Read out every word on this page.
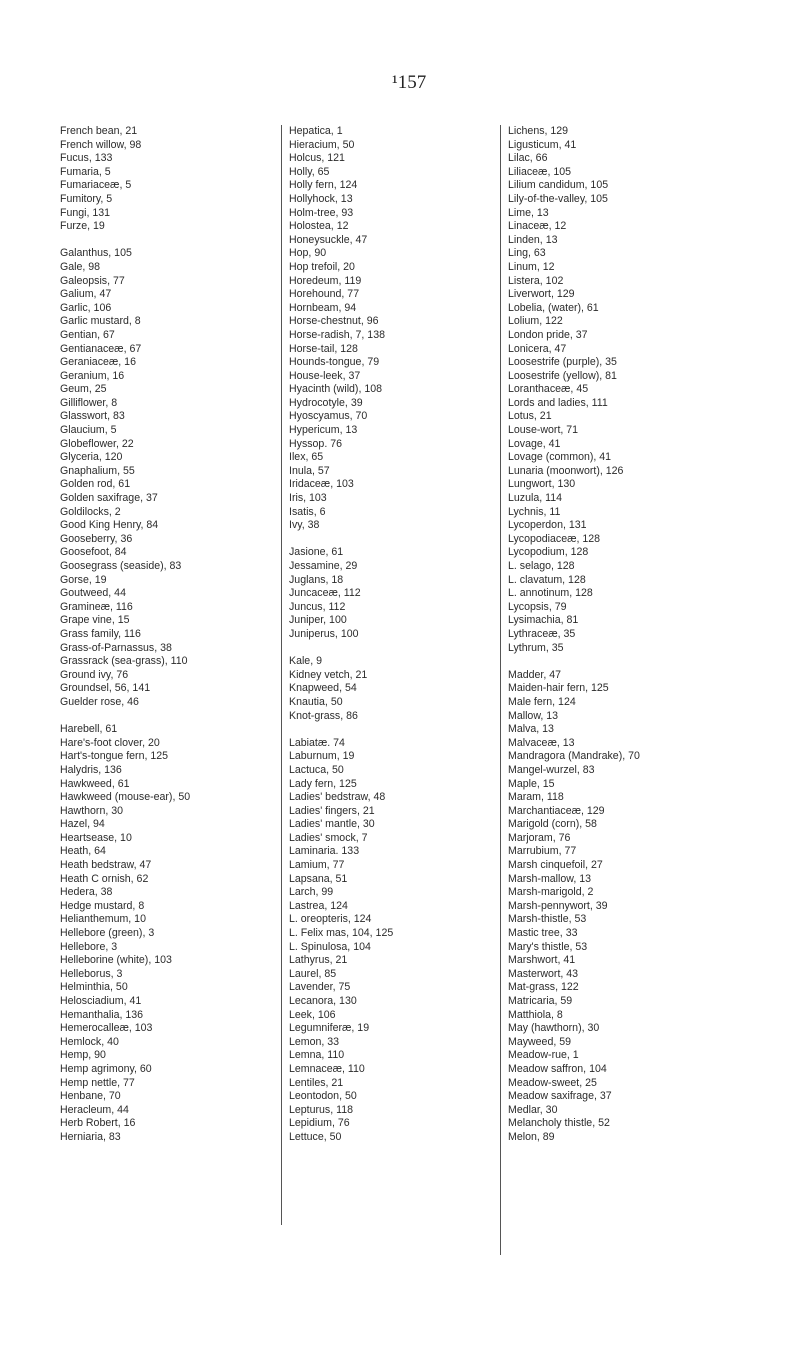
¹157
French bean, 21
French willow, 98
Fucus, 133
Fumaria, 5
Fumariaceæ, 5
Fumitory, 5
Fungi, 131
Furze, 19
Galanthus, 105
Gale, 98
Galeopsis, 77
Galium, 47
Garlic, 106
Garlic mustard, 8
Gentian, 67
Gentianaceæ, 67
Geraniaceæ, 16
Geranium, 16
Geum, 25
Gilliflower, 8
Glasswort, 83
Glaucium, 5
Globeflower, 22
Glyceria, 120
Gnaphalium, 55
Golden rod, 61
Golden saxifrage, 37
Goldilocks, 2
Good King Henry, 84
Gooseberry, 36
Goosefoot, 84
Goosegrass (seaside), 83
Gorse, 19
Goutweed, 44
Gramineæ, 116
Grape vine, 15
Grass family, 116
Grass-of-Parnassus, 38
Grassrack (sea-grass), 110
Ground ivy, 76
Groundsel, 56, 141
Guelder rose, 46
Harebell, 61
Hare's-foot clover, 20
Hart's-tongue fern, 125
Halydris, 136
Hawkweed, 61
Hawkweed (mouse-ear), 50
Hawthorn, 30
Hazel, 94
Heartsease, 10
Heath, 64
Heath bedstraw, 47
Heath C ornish, 62
Hedera, 38
Hedge mustard, 8
Helianthemum, 10
Hellebore (green), 3
Hellebore, 3
Helleborine (white), 103
Helleborus, 3
Helminthia, 50
Helosciadium, 41
Hemanthalia, 136
Hemerocalleæ, 103
Hemlock, 40
Hemp, 90
Hemp agrimony, 60
Hemp nettle, 77
Henbane, 70
Heracleum, 44
Herb Robert, 16
Herniaria, 83
Hepatica, 1
Hieracium, 50
Holcus, 121
Holly, 65
Holly fern, 124
Hollyhock, 13
Holm-tree, 93
Holostea, 12
Honeysuckle, 47
Hop, 90
Hop trefoil, 20
Horedeum, 119
Horehound, 77
Hornbeam, 94
Horse-chestnut, 96
Horse-radish, 7, 138
Horse-tail, 128
Hounds-tongue, 79
House-leek, 37
Hyacinth (wild), 108
Hydrocotyle, 39
Hyoscyamus, 70
Hypericum, 13
Hyssop. 76
Ilex, 65
Inula, 57
Iridaceæ, 103
Iris, 103
Isatis, 6
Ivy, 38
Jasione, 61
Jessamine, 29
Juglans, 18
Juncaceæ, 112
Juncus, 112
Juniper, 100
Juniperus, 100
Kale, 9
Kidney vetch, 21
Knapweed, 54
Knautia, 50
Knot-grass, 86
Labiatæ. 74
Laburnum, 19
Lactuca, 50
Lady fern, 125
Ladies' bedstraw, 48
Ladies' fingers, 21
Ladies' mantle, 30
Ladies' smock, 7
Laminaria. 133
Lamium, 77
Lapsana, 51
Larch, 99
Lastrea, 124
L. oreopteris, 124
L. Felix mas, 104, 125
L. Spinulosa, 104
Lathyrus, 21
Laurel, 85
Lavender, 75
Lecanora, 130
Leek, 106
Legumniferæ, 19
Lemon, 33
Lemna, 110
Lemnaceæ, 110
Lentiles, 21
Leontodon, 50
Lepturus, 118
Lepidium, 76
Lettuce, 50
Lichens, 129
Ligusticum, 41
Lilac, 66
Liliaceæ, 105
Lilium candidum, 105
Lily-of-the-valley, 105
Lime, 13
Linaceæ, 12
Linden, 13
Ling, 63
Linum, 12
Listera, 102
Liverwort, 129
Lobelia, (water), 61
Lolium, 122
London pride, 37
Lonicera, 47
Loosestrife (purple), 35
Loosestrife (yellow), 81
Loranthaceæ, 45
Lords and ladies, 111
Lotus, 21
Louse-wort, 71
Lovage, 41
Lovage (common), 41
Lunaria (moonwort), 126
Lungwort, 130
Luzula, 114
Lychnis, 11
Lycoperdon, 131
Lycopodiaceæ, 128
Lycopodium, 128
L. selago, 128
L. clavatum, 128
L. annotinum, 128
Lycopsis, 79
Lysimachia, 81
Lythraceæ, 35
Lythrum, 35
Madder, 47
Maiden-hair fern, 125
Male fern, 124
Mallow, 13
Malva, 13
Malvaceæ, 13
Mandragora (Mandrake), 70
Mangel-wurzel, 83
Maple, 15
Maram, 118
Marchantiaceæ, 129
Marigold (corn), 58
Marjoram, 76
Marrubium, 77
Marsh cinquefoil, 27
Marsh-mallow, 13
Marsh-marigold, 2
Marsh-pennywort, 39
Marsh-thistle, 53
Mastic tree, 33
Mary's thistle, 53
Marshwort, 41
Masterwort, 43
Mat-grass, 122
Matricaria, 59
Matthiola, 8
May (hawthorn), 30
Mayweed, 59
Meadow-rue, 1
Meadow saffron, 104
Meadow-sweet, 25
Meadow saxifrage, 37
Medlar, 30
Melancholy thistle, 52
Melon, 89
